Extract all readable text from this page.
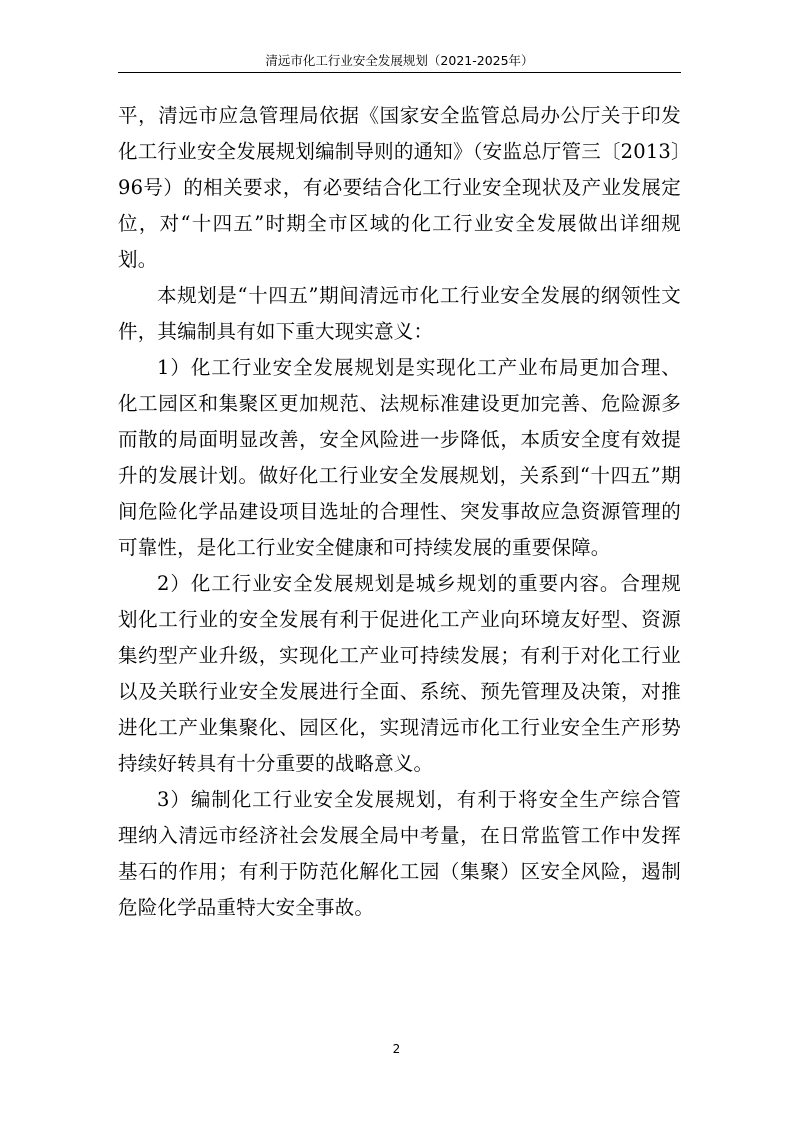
清远市化工行业安全发展规划（2021-2025年）

平，清远市应急管理局依据《国家安全监管总局办公厅关于印发化工行业安全发展规划编制导则的通知》（安监总厅管三〔2013〕96号）的相关要求，有必要结合化工行业安全现状及产业发展定位，对“十四五”时期全市区域的化工行业安全发展做出详细规划。

本规划是“十四五”期间清远市化工行业安全发展的纲领性文件，其编制具有如下重大现实意义：

1）化工行业安全发展规划是实现化工产业布局更加合理、化工园区和集聚区更加规范、法规标准建设更加完善、危险源多而散的局面明显改善，安全风险进一步降低，本质安全度有效提升的发展计划。做好化工行业安全发展规划，关系到“十四五”期间危险化学品建设项目选址的合理性、突发事故应急资源管理的可靠性，是化工行业安全健康和可持续发展的重要保障。

2）化工行业安全发展规划是城乡规划的重要内容。合理规划化工行业的安全发展有利于促进化工产业向环境友好型、资源集约型产业升级，实现化工产业可持续发展；有利于对化工行业以及关联行业安全发展进行全面、系统、预先管理及决策，对推进化工产业集聚化、园区化，实现清远市化工行业安全生产形势持续好转具有十分重要的战略意义。

3）编制化工行业安全发展规划，有利于将安全生产综合管理纳入清远市经济社会发展全局中考量，在日常监管工作中发挥基石的作用；有利于防范化解化工园（集聚）区安全风险，遏制危险化学品重特大安全事故。

2
